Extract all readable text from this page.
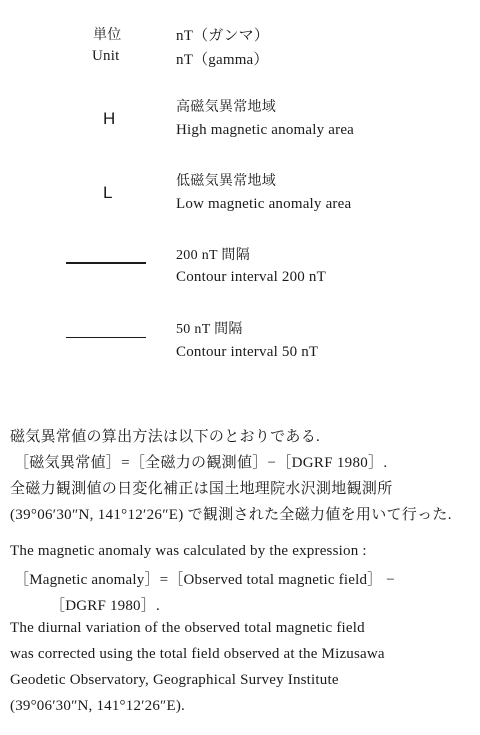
単位	nT（ガンマ）
Unit	nT（gamma）
H
高磁気異常地域
High magnetic anomaly area
L
低磁気異常地域
Low magnetic anomaly area
200 nT 間隔
Contour interval 200 nT
50 nT 間隔
Contour interval 50 nT
磁気異常値の算出方法は以下のとおりである.
［磁気異常値］=［全磁力の観測値］−［DGRF 1980］.
全磁力観測値の日変化補正は国土地理院水沢測地観測所
(39°06′30″N, 141°12′26″E) で観測された全磁力値を用いて行った.
The magnetic anomaly was calculated by the expression :
［Magnetic anomaly］=［Observed total magnetic field］ −
［DGRF 1980］.
The diurnal variation of the observed total magnetic field
was corrected using the total field observed at the Mizusawa
Geodetic Observatory, Geographical Survey Institute
(39°06′30″N, 141°12′26″E).
